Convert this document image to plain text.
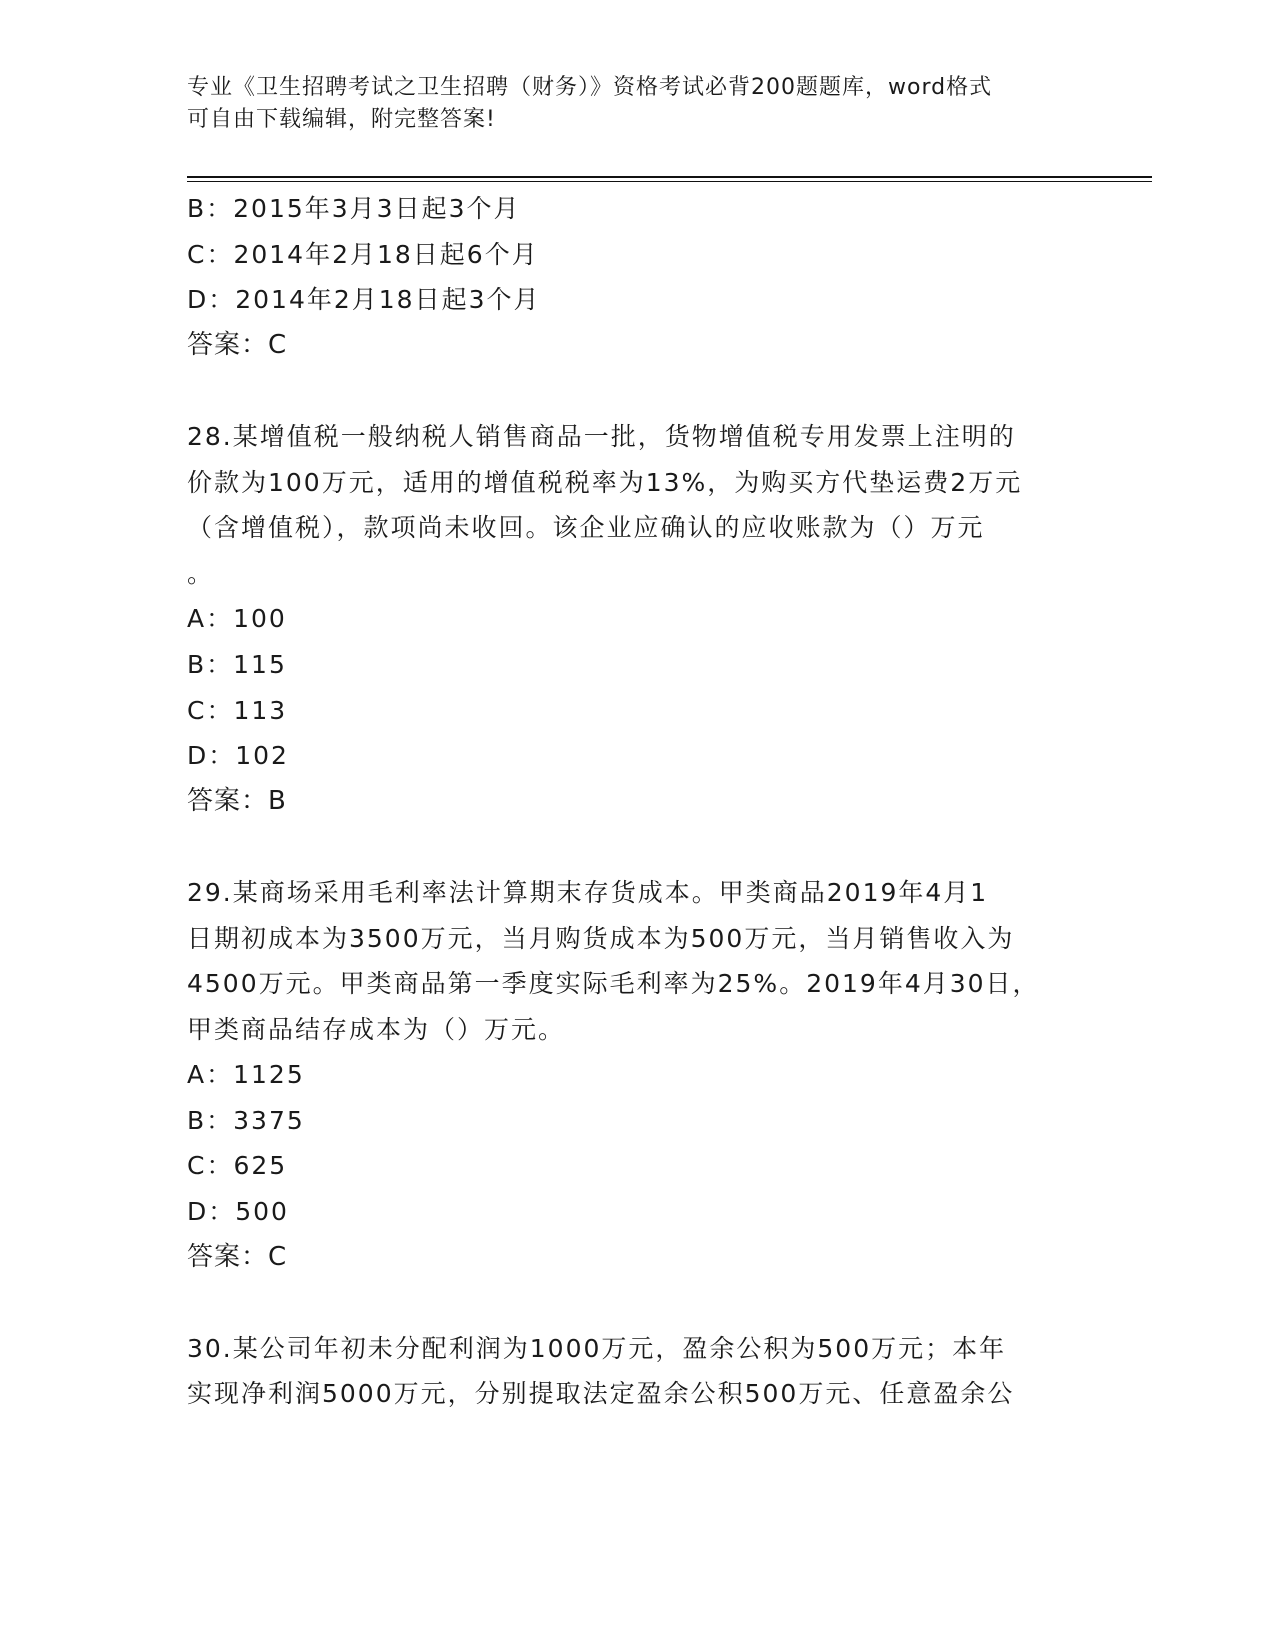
专业《卫生招聘考试之卫生招聘（财务）》资格考试必背200题题库，word格式
可自由下载编辑，附完整答案!
B：2015年3月3日起3个月
C：2014年2月18日起6个月
D：2014年2月18日起3个月
答案：C
28.某增值税一般纳税人销售商品一批，货物增值税专用发票上注明的
价款为100万元，适用的增值税税率为13%，为购买方代垫运费2万元
（含增值税），款项尚未收回。该企业应确认的应收账款为（）万元
。
A：100
B：115
C：113
D：102
答案：B
29.某商场采用毛利率法计算期末存货成本。甲类商品2019年4月1
日期初成本为3500万元，当月购货成本为500万元，当月销售收入为
4500万元。甲类商品第一季度实际毛利率为25%。2019年4月30日，
甲类商品结存成本为（）万元。
A：1125
B：3375
C：625
D：500
答案：C
30.某公司年初未分配利润为1000万元，盈余公积为500万元；本年
实现净利润5000万元，分别提取法定盈余公积500万元、任意盈余公
